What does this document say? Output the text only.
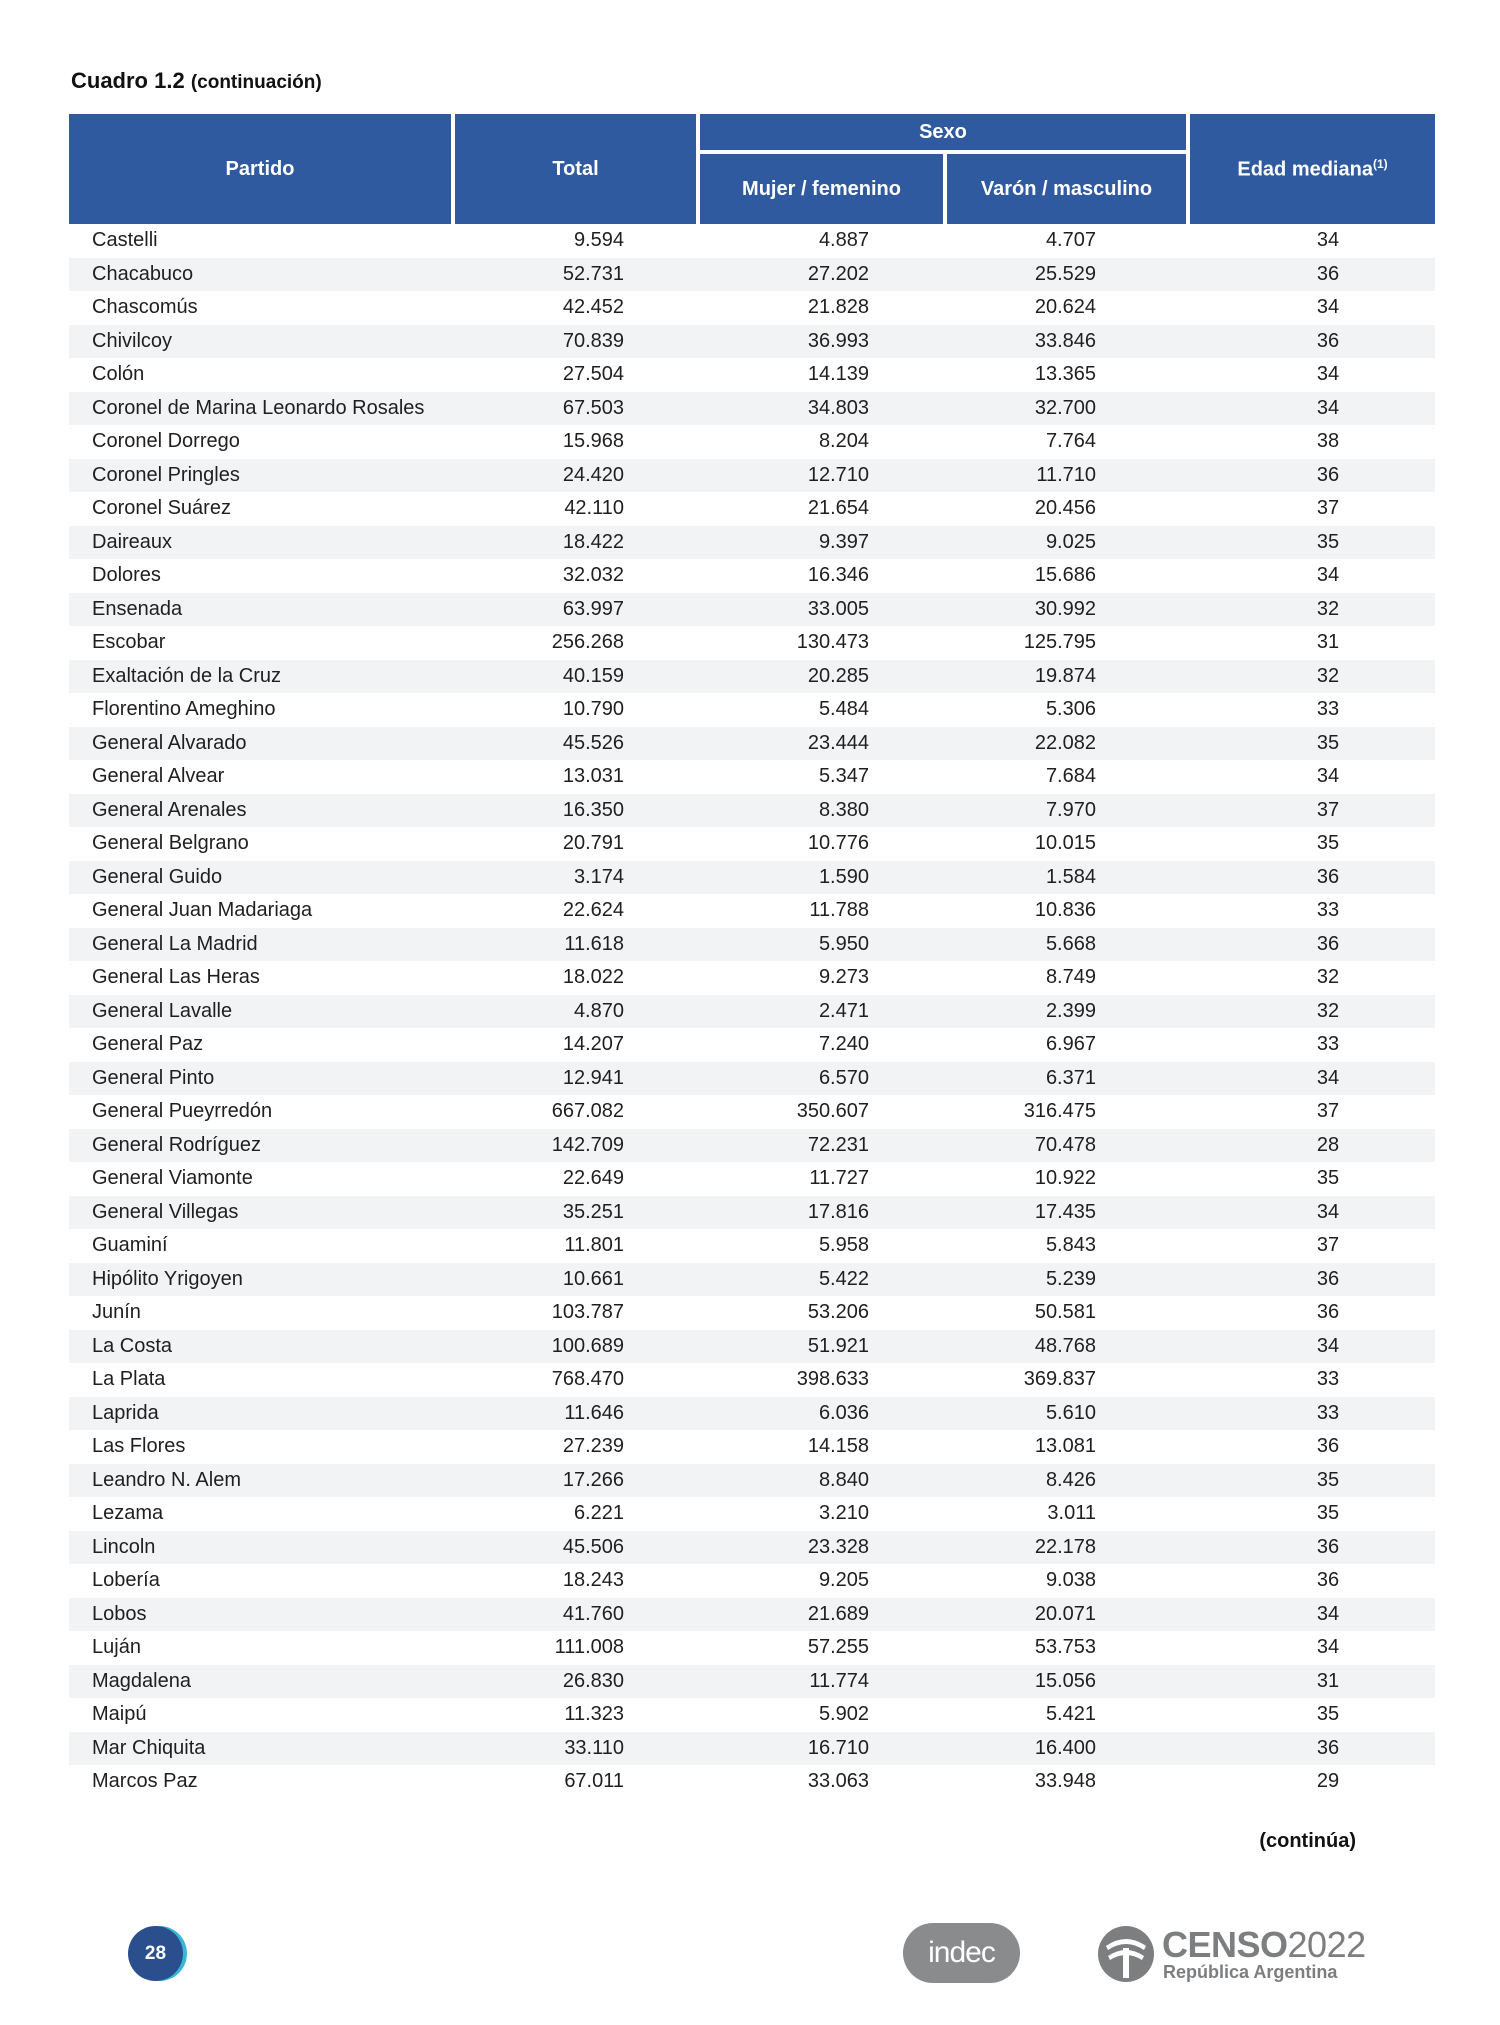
Cuadro 1.2 (continuación)
Partido	Total
Sexo
Mujer / femenino	Varón / masculino
Edad mediana$^{(1)}$
Castelli	9.594	4.887	4.707	34
Chacabuco	52.731	27.202	25.529	36
Chascomús	42.452	21.828	20.624	34
Chivilcoy	70.839	36.993	33.846	36
Colón	27.504	14.139	13.365	34
Coronel de Marina Leonardo Rosales	67.503	34.803	32.700	34
Coronel Dorrego	15.968	8.204	7.764	38
Coronel Pringles	24.420	12.710	11.710	36
Coronel Suárez	42.110	21.654	20.456	37
Daireaux	18.422	9.397	9.025	35
Dolores	32.032	16.346	15.686	34
Ensenada	63.997	33.005	30.992	32
Escobar	256.268	130.473	125.795	31
Exaltación de la Cruz	40.159	20.285	19.874	32
Florentino Ameghino	10.790	5.484	5.306	33
General Alvarado	45.526	23.444	22.082	35
General Alvear	13.031	5.347	7.684	34
General Arenales	16.350	8.380	7.970	37
General Belgrano	20.791	10.776	10.015	35
General Guido	3.174	1.590	1.584	36
General Juan Madariaga	22.624	11.788	10.836	33
General La Madrid	11.618	5.950	5.668	36
General Las Heras	18.022	9.273	8.749	32
General Lavalle	4.870	2.471	2.399	32
General Paz	14.207	7.240	6.967	33
General Pinto	12.941	6.570	6.371	34
General Pueyrredón	667.082	350.607	316.475	37
General Rodríguez	142.709	72.231	70.478	28
General Viamonte	22.649	11.727	10.922	35
General Villegas	35.251	17.816	17.435	34
Guaminí	11.801	5.958	5.843	37
Hipólito Yrigoyen	10.661	5.422	5.239	36
Junín	103.787	53.206	50.581	36
La Costa	100.689	51.921	48.768	34
La Plata	768.470	398.633	369.837	33
Laprida	11.646	6.036	5.610	33
Las Flores	27.239	14.158	13.081	36
Leandro N. Alem	17.266	8.840	8.426	35
Lezama	6.221	3.210	3.011	35
Lincoln	45.506	23.328	22.178	36
Lobería	18.243	9.205	9.038	36
Lobos	41.760	21.689	20.071	34
Luján	111.008	57.255	53.753	34
Magdalena	26.830	11.774	15.056	31
Maipú	11.323	5.902	5.421	35
Mar Chiquita	33.110	16.710	16.400	36
Marcos Paz	67.011	33.063	33.948	29
(continúa)
28	indec	CENSO2022
República Argentina
